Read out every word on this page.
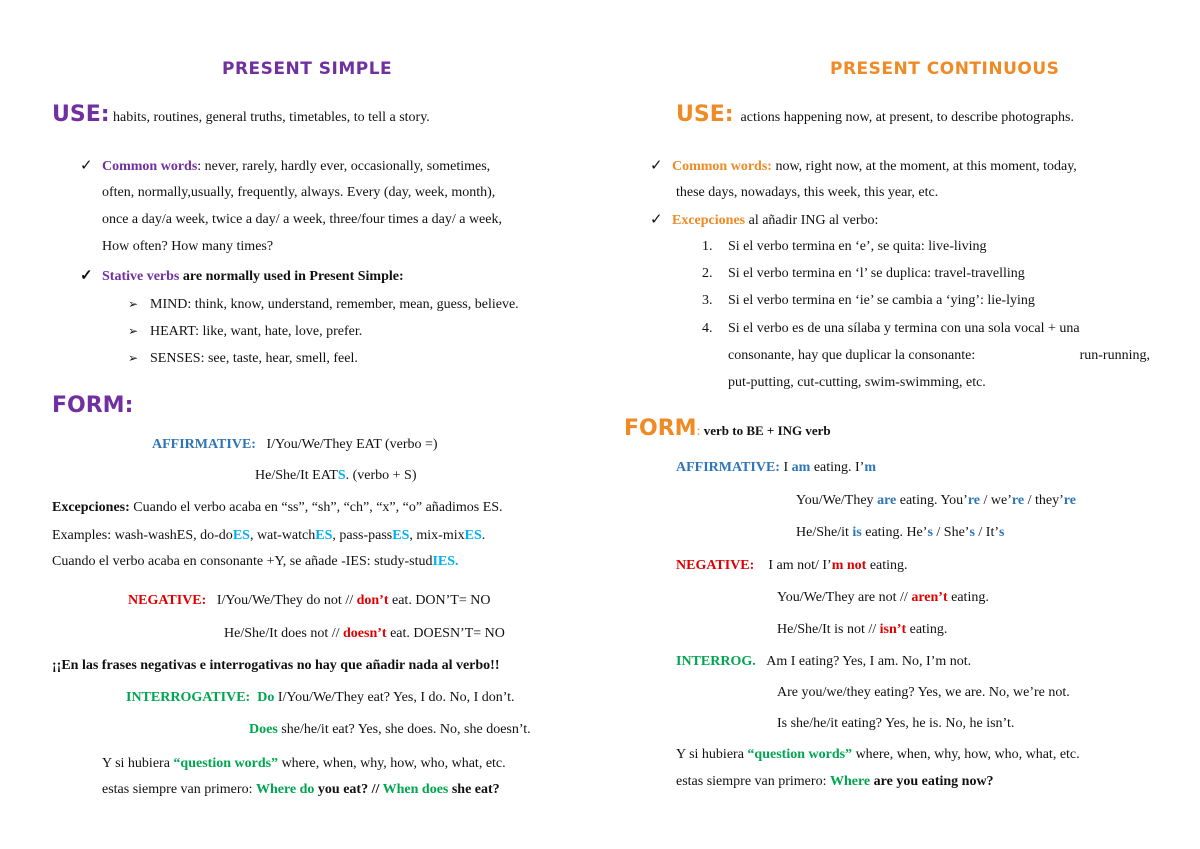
PRESENT SIMPLE
USE: habits, routines, general truths, timetables, to tell a story.
✓ Common words: never, rarely, hardly ever, occasionally, sometimes,
often, normally,usually, frequently, always. Every (day, week, month),
once a day/a week, twice a day/ a week, three/four times a day/ a week,
How often? How many times?
✓ Stative verbs are normally used in Present Simple:
➢ MIND: think, know, understand, remember, mean, guess, believe.
➢ HEART: like, want, hate, love, prefer.
➢ SENSES: see, taste, hear, smell, feel.
FORM:
AFFIRMATIVE: I/You/We/They EAT (verbo =)
He/She/It EATS. (verbo + S)
Excepciones: Cuando el verbo acaba en “ss”, “sh”, “ch”, “x”, “o” añadimos ES.
Examples: wash-washES, do-doES, wat-watchES, pass-passES, mix-mixES.
Cuando el verbo acaba en consonante +Y, se añade -IES: study-studIES.
NEGATIVE: I/You/We/They do not // don’t eat. DON’T= NO
He/She/It does not // doesn’t eat. DOESN’T= NO
¡¡En las frases negativas e interrogativas no hay que añadir nada al verbo!!
INTERROGATIVE: Do I/You/We/They eat? Yes, I do. No, I don’t.
Does she/he/it eat? Yes, she does. No, she doesn’t.
Y si hubiera “question words” where, when, why, how, who, what, etc.
estas siempre van primero: Where do you eat? // When does she eat?
PRESENT CONTINUOUS
USE: actions happening now, at present, to describe photographs.
✓ Common words: now, right now, at the moment, at this moment, today,
these days, nowadays, this week, this year, etc.
✓ Excepciones al añadir ING al verbo:
1. Si el verbo termina en ‘e’, se quita: live-living
2. Si el verbo termina en ‘l’ se duplica: travel-travelling
3. Si el verbo termina en ‘ie’ se cambia a ‘ying’: lie-lying
4. Si el verbo es de una sílaba y termina con una sola vocal + una
consonante, hay que duplicar la consonante:	run-running,
put-putting, cut-cutting, swim-swimming, etc.
FORM: verb to BE + ING verb
AFFIRMATIVE: I am eating. I’m
You/We/They are eating. You’re / we’re / they’re
He/She/it is eating. He’s / She’s / It’s
NEGATIVE: I am not/ I’m not eating.
You/We/They are not // aren’t eating.
He/She/It is not // isn’t eating.
INTERROG. Am I eating? Yes, I am. No, I’m not.
Are you/we/they eating? Yes, we are. No, we’re not.
Is she/he/it eating? Yes, he is. No, he isn’t.
Y si hubiera “question words” where, when, why, how, who, what, etc.
estas siempre van primero: Where are you eating now?
